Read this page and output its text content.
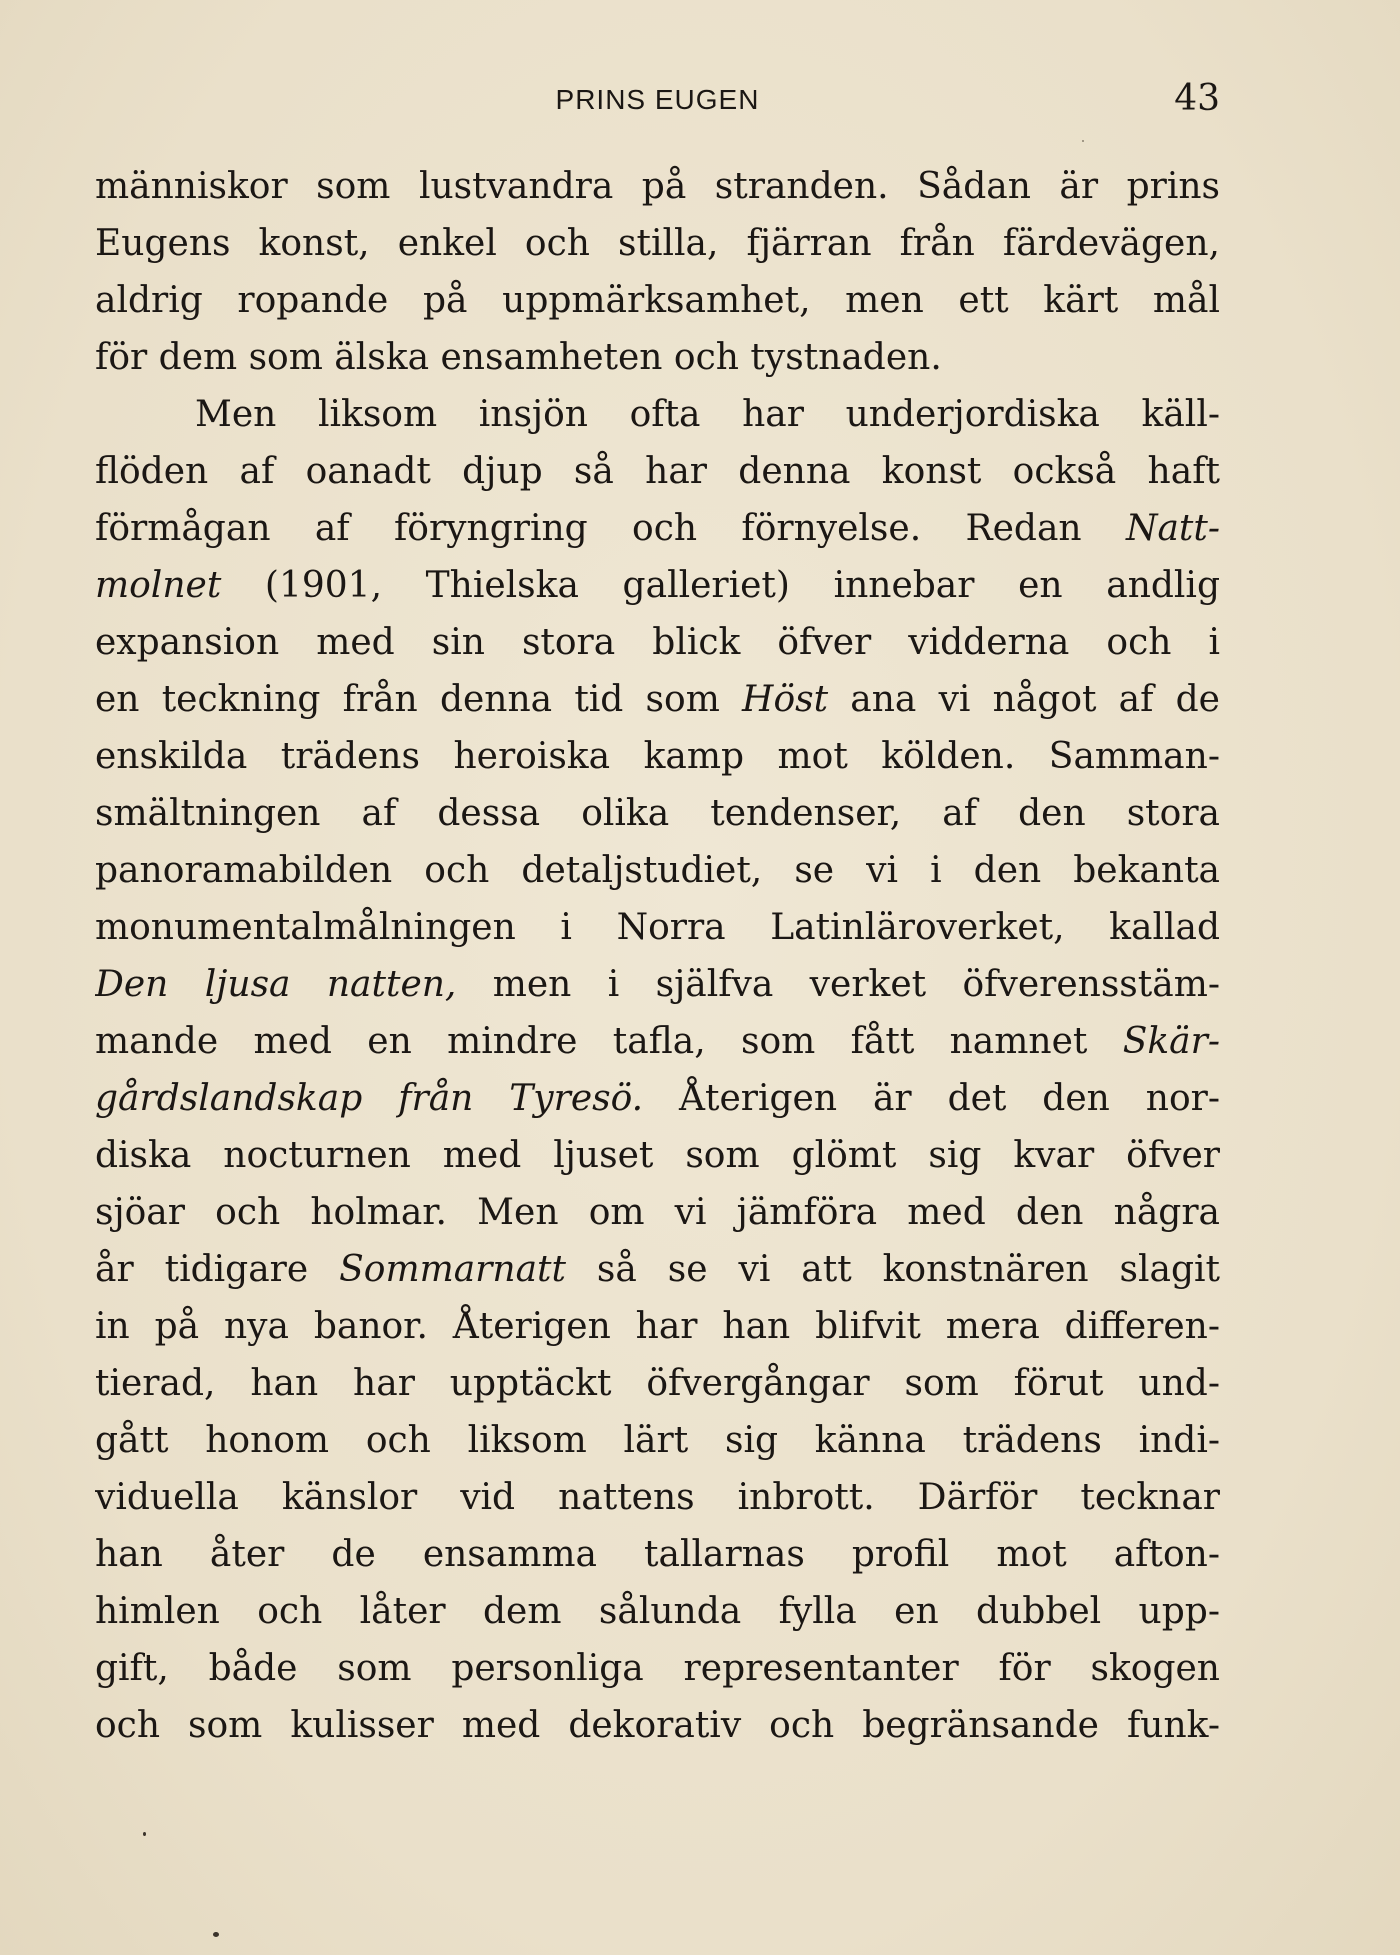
PRINS EUGEN	43
människor som lustvandra på stranden. Sådan är prins
Eugens konst, enkel och stilla, fjärran från färdevägen,
aldrig ropande på uppmärksamhet, men ett kärt mål
för dem som älska ensamheten och tystnaden.
Men liksom insjön ofta har underjordiska käll-
flöden af oanadt djup så har denna konst också haft
förmågan af föryngring och förnyelse. Redan Natt-
molnet (1901, Thielska galleriet) innebar en andlig
expansion med sin stora blick öfver vidderna och i
en teckning från denna tid som Höst ana vi något af de
enskilda trädens heroiska kamp mot kölden. Samman-
smältningen af dessa olika tendenser, af den stora
panoramabilden och detaljstudiet, se vi i den bekanta
monumentalmålningen i Norra Latinläroverket, kallad
Den ljusa natten, men i själfva verket öfverensstäm-
mande med en mindre tafla, som fått namnet Skär-
gårdslandskap från Tyresö. Återigen är det den nor-
diska nocturnen med ljuset som glömt sig kvar öfver
sjöar och holmar. Men om vi jämföra med den några
år tidigare Sommarnatt så se vi att konstnären slagit
in på nya banor. Återigen har han blifvit mera differen-
tierad, han har upptäckt öfvergångar som förut und-
gått honom och liksom lärt sig känna trädens indi-
viduella känslor vid nattens inbrott. Därför tecknar
han åter de ensamma tallarnas profil mot afton-
himlen och låter dem sålunda fylla en dubbel upp-
gift, både som personliga representanter för skogen
och som kulisser med dekorativ och begränsande funk-
